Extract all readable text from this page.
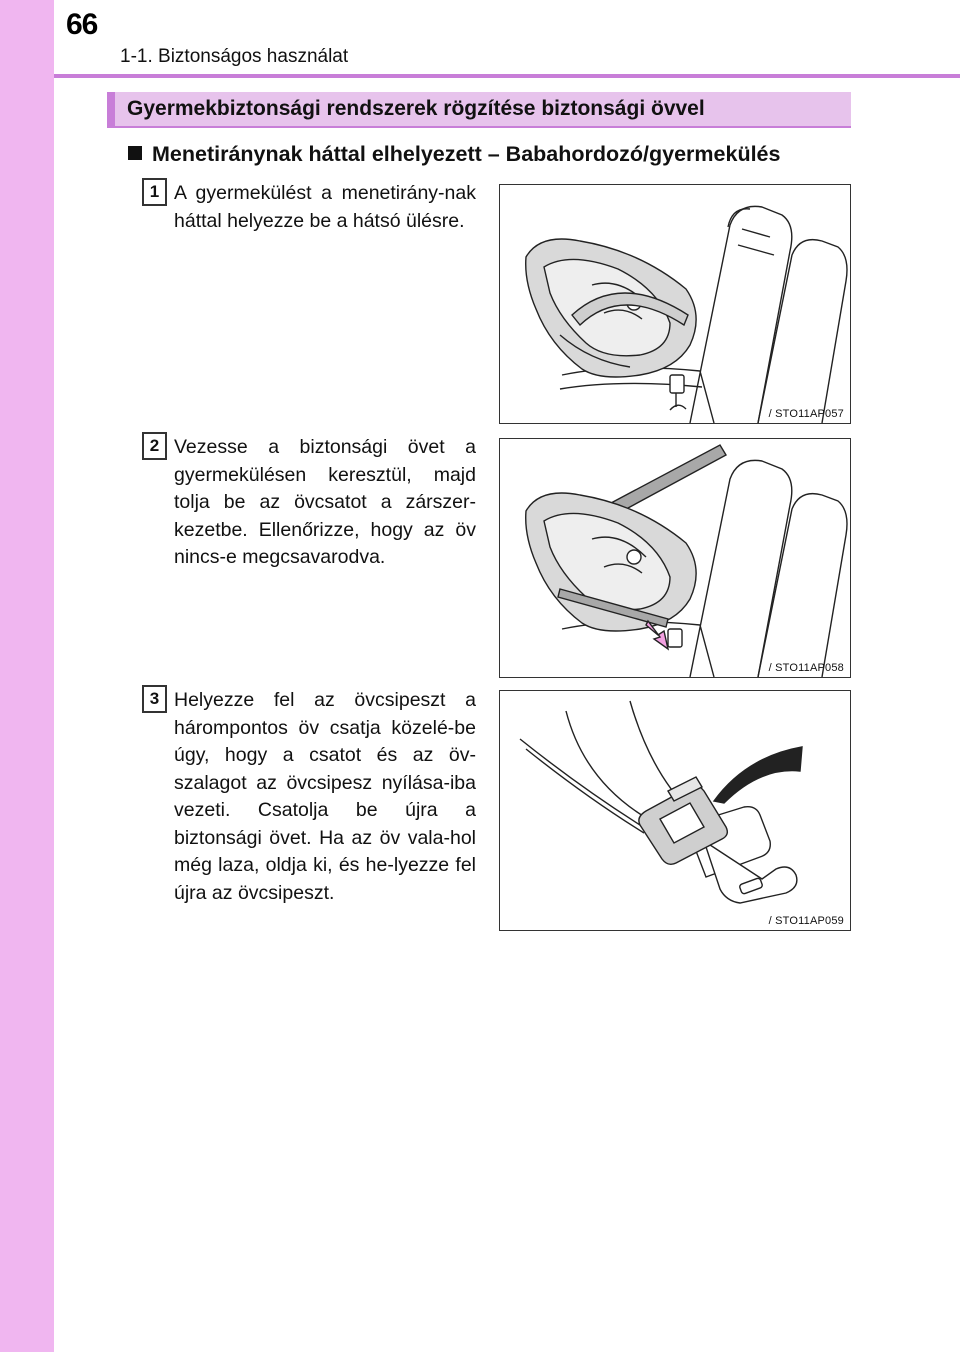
66
1-1. Biztonságos használat
Gyermekbiztonsági rendszerek rögzítése biztonsági övvel
Menetiránynak háttal elhelyezett – Babahordozó/gyermekülés
1 A gyermekülést a menetirány-nak háttal helyezze be a hátsó ülésre.
/ STO11AP057
2 Vezesse a biztonsági övet a gyermekülésen keresztül, majd tolja be az övcsatot a zárszer-kezetbe. Ellenőrizze, hogy az öv nincs-e megcsavarodva.
/ STO11AP058
3 Helyezze fel az övcsipeszt a hárompontos öv csatja közelé-be úgy, hogy a csatot és az öv-szalagot az övcsipesz nyílása-iba vezeti. Csatolja be újra a biztonsági övet. Ha az öv vala-hol még laza, oldja ki, és he-lyezze fel újra az övcsipeszt.
/ STO11AP059
